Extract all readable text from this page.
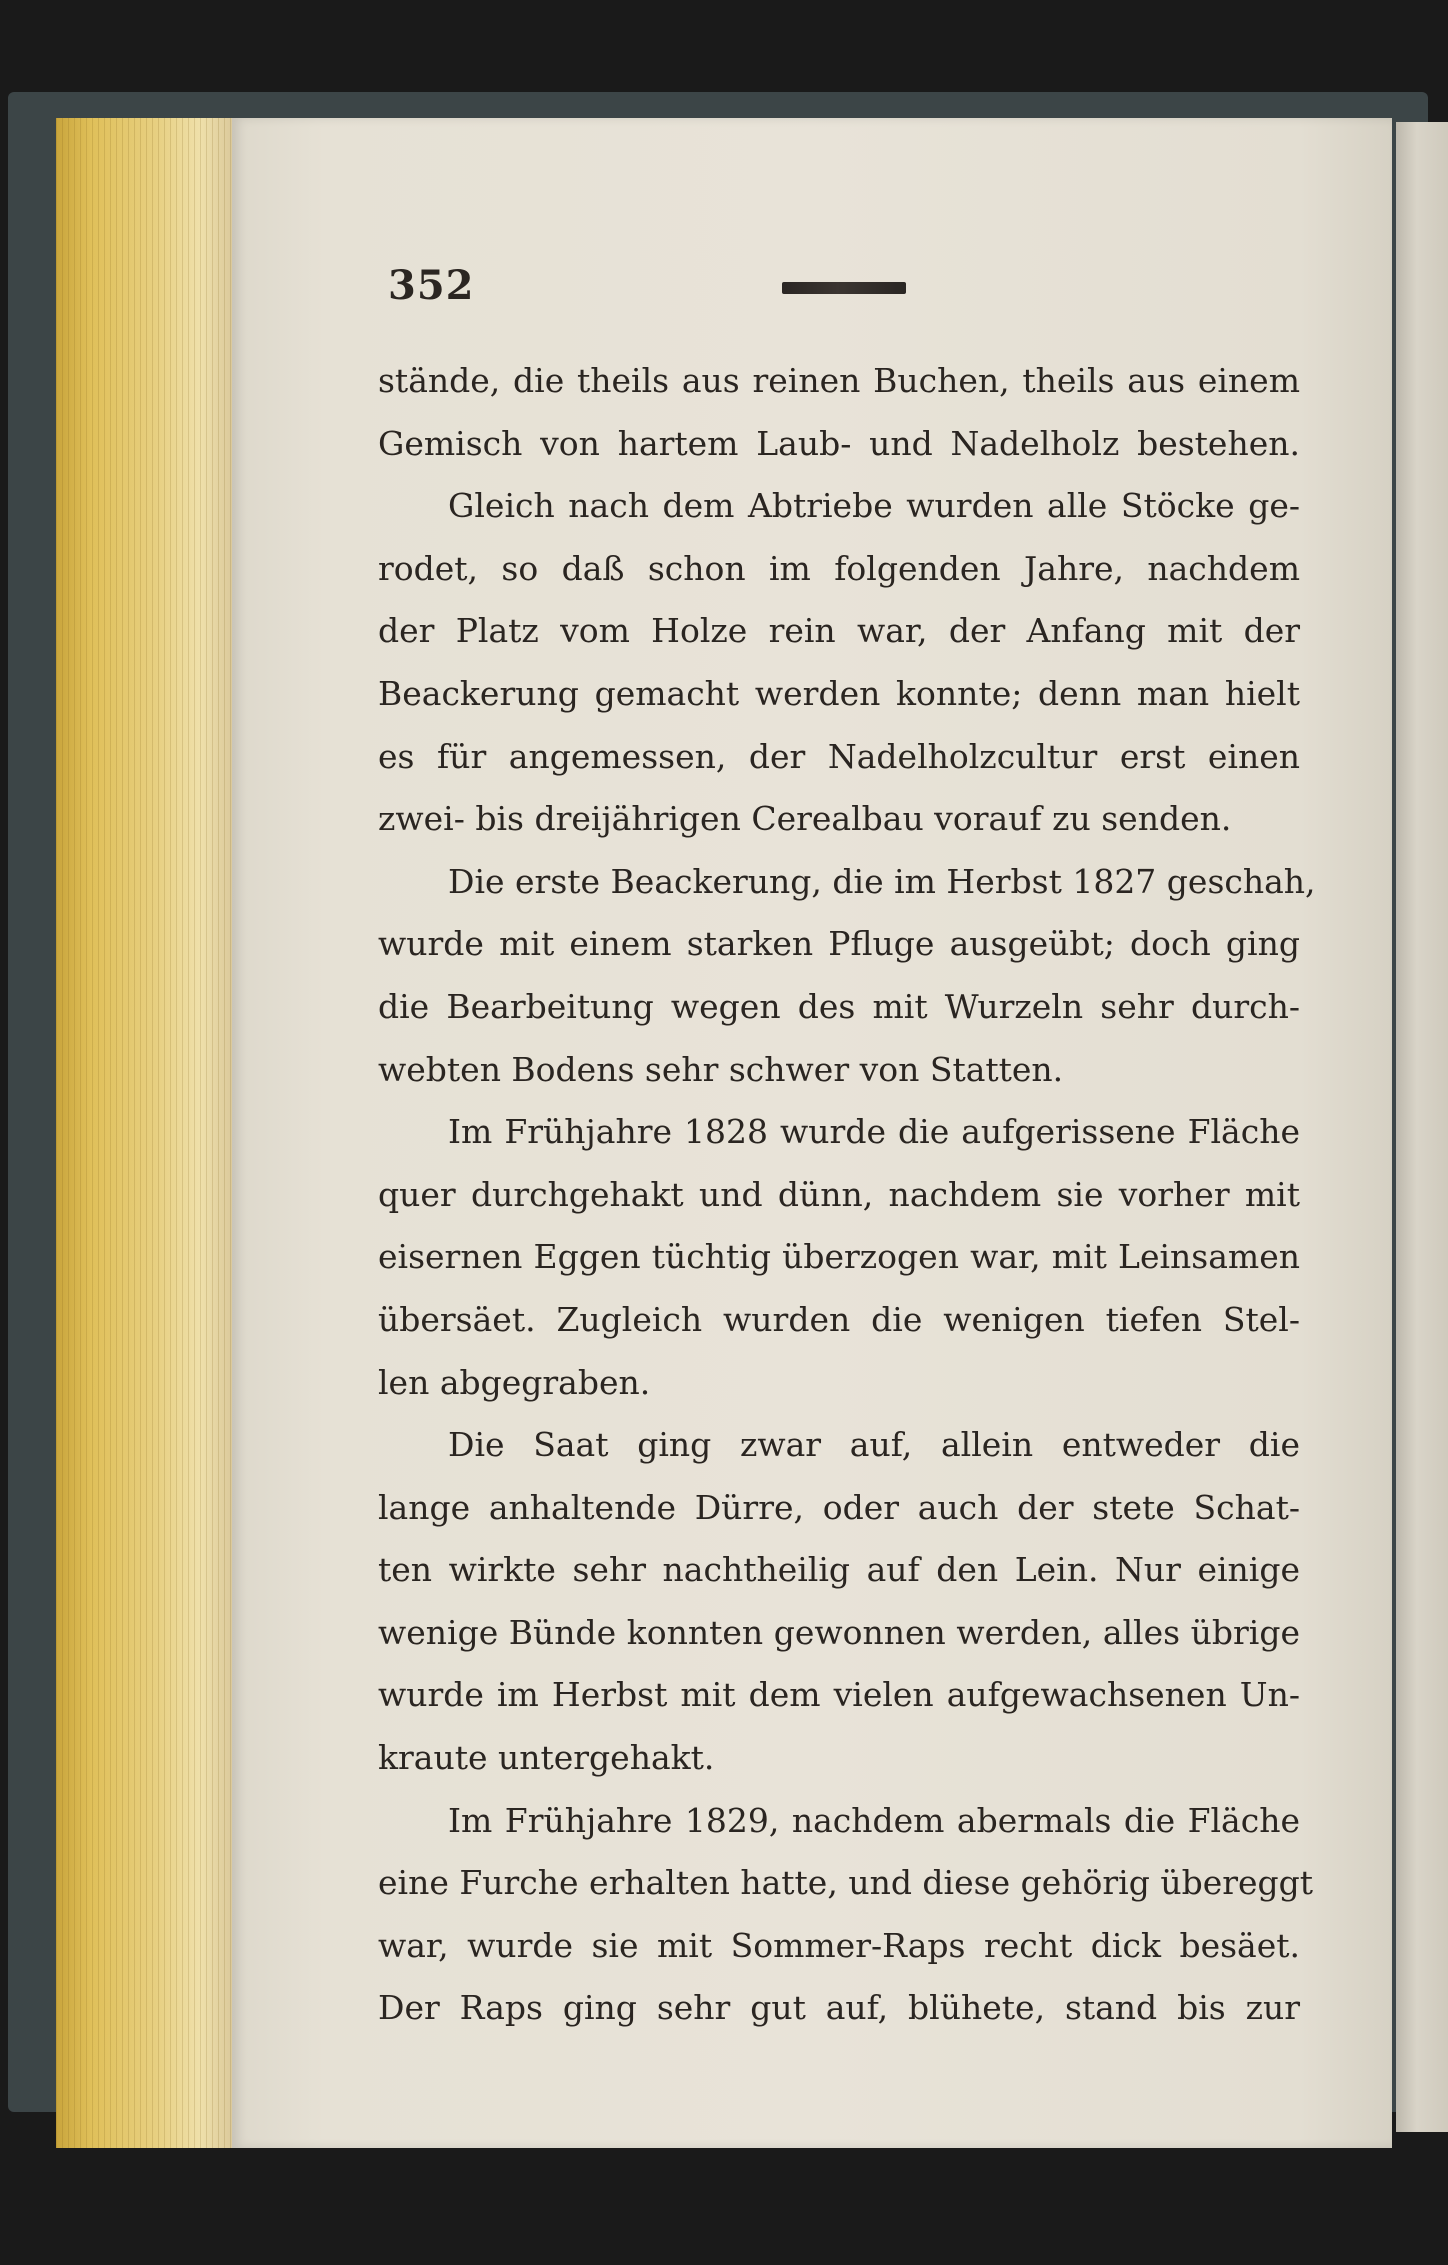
352
stände, die theils aus reinen Buchen, theils aus einem
Gemisch von hartem Laub- und Nadelholz bestehen.
Gleich nach dem Abtriebe wurden alle Stöcke ge-
rodet, so daß schon im folgenden Jahre, nachdem
der Platz vom Holze rein war, der Anfang mit der
Beackerung gemacht werden konnte; denn man hielt
es für angemessen, der Nadelholzcultur erst einen
zwei- bis dreijährigen Cerealbau vorauf zu senden.
Die erste Beackerung, die im Herbst 1827 geschah,
wurde mit einem starken Pfluge ausgeübt; doch ging
die Bearbeitung wegen des mit Wurzeln sehr durch-
webten Bodens sehr schwer von Statten.
Im Frühjahre 1828 wurde die aufgerissene Fläche
quer durchgehakt und dünn, nachdem sie vorher mit
eisernen Eggen tüchtig überzogen war, mit Leinsamen
übersäet. Zugleich wurden die wenigen tiefen Stel-
len abgegraben.
Die Saat ging zwar auf, allein entweder die
lange anhaltende Dürre, oder auch der stete Schat-
ten wirkte sehr nachtheilig auf den Lein. Nur einige
wenige Bünde konnten gewonnen werden, alles übrige
wurde im Herbst mit dem vielen aufgewachsenen Un-
kraute untergehakt.
Im Frühjahre 1829, nachdem abermals die Fläche
eine Furche erhalten hatte, und diese gehörig übereggt
war, wurde sie mit Sommer-Raps recht dick besäet.
Der Raps ging sehr gut auf, blühete, stand bis zur
